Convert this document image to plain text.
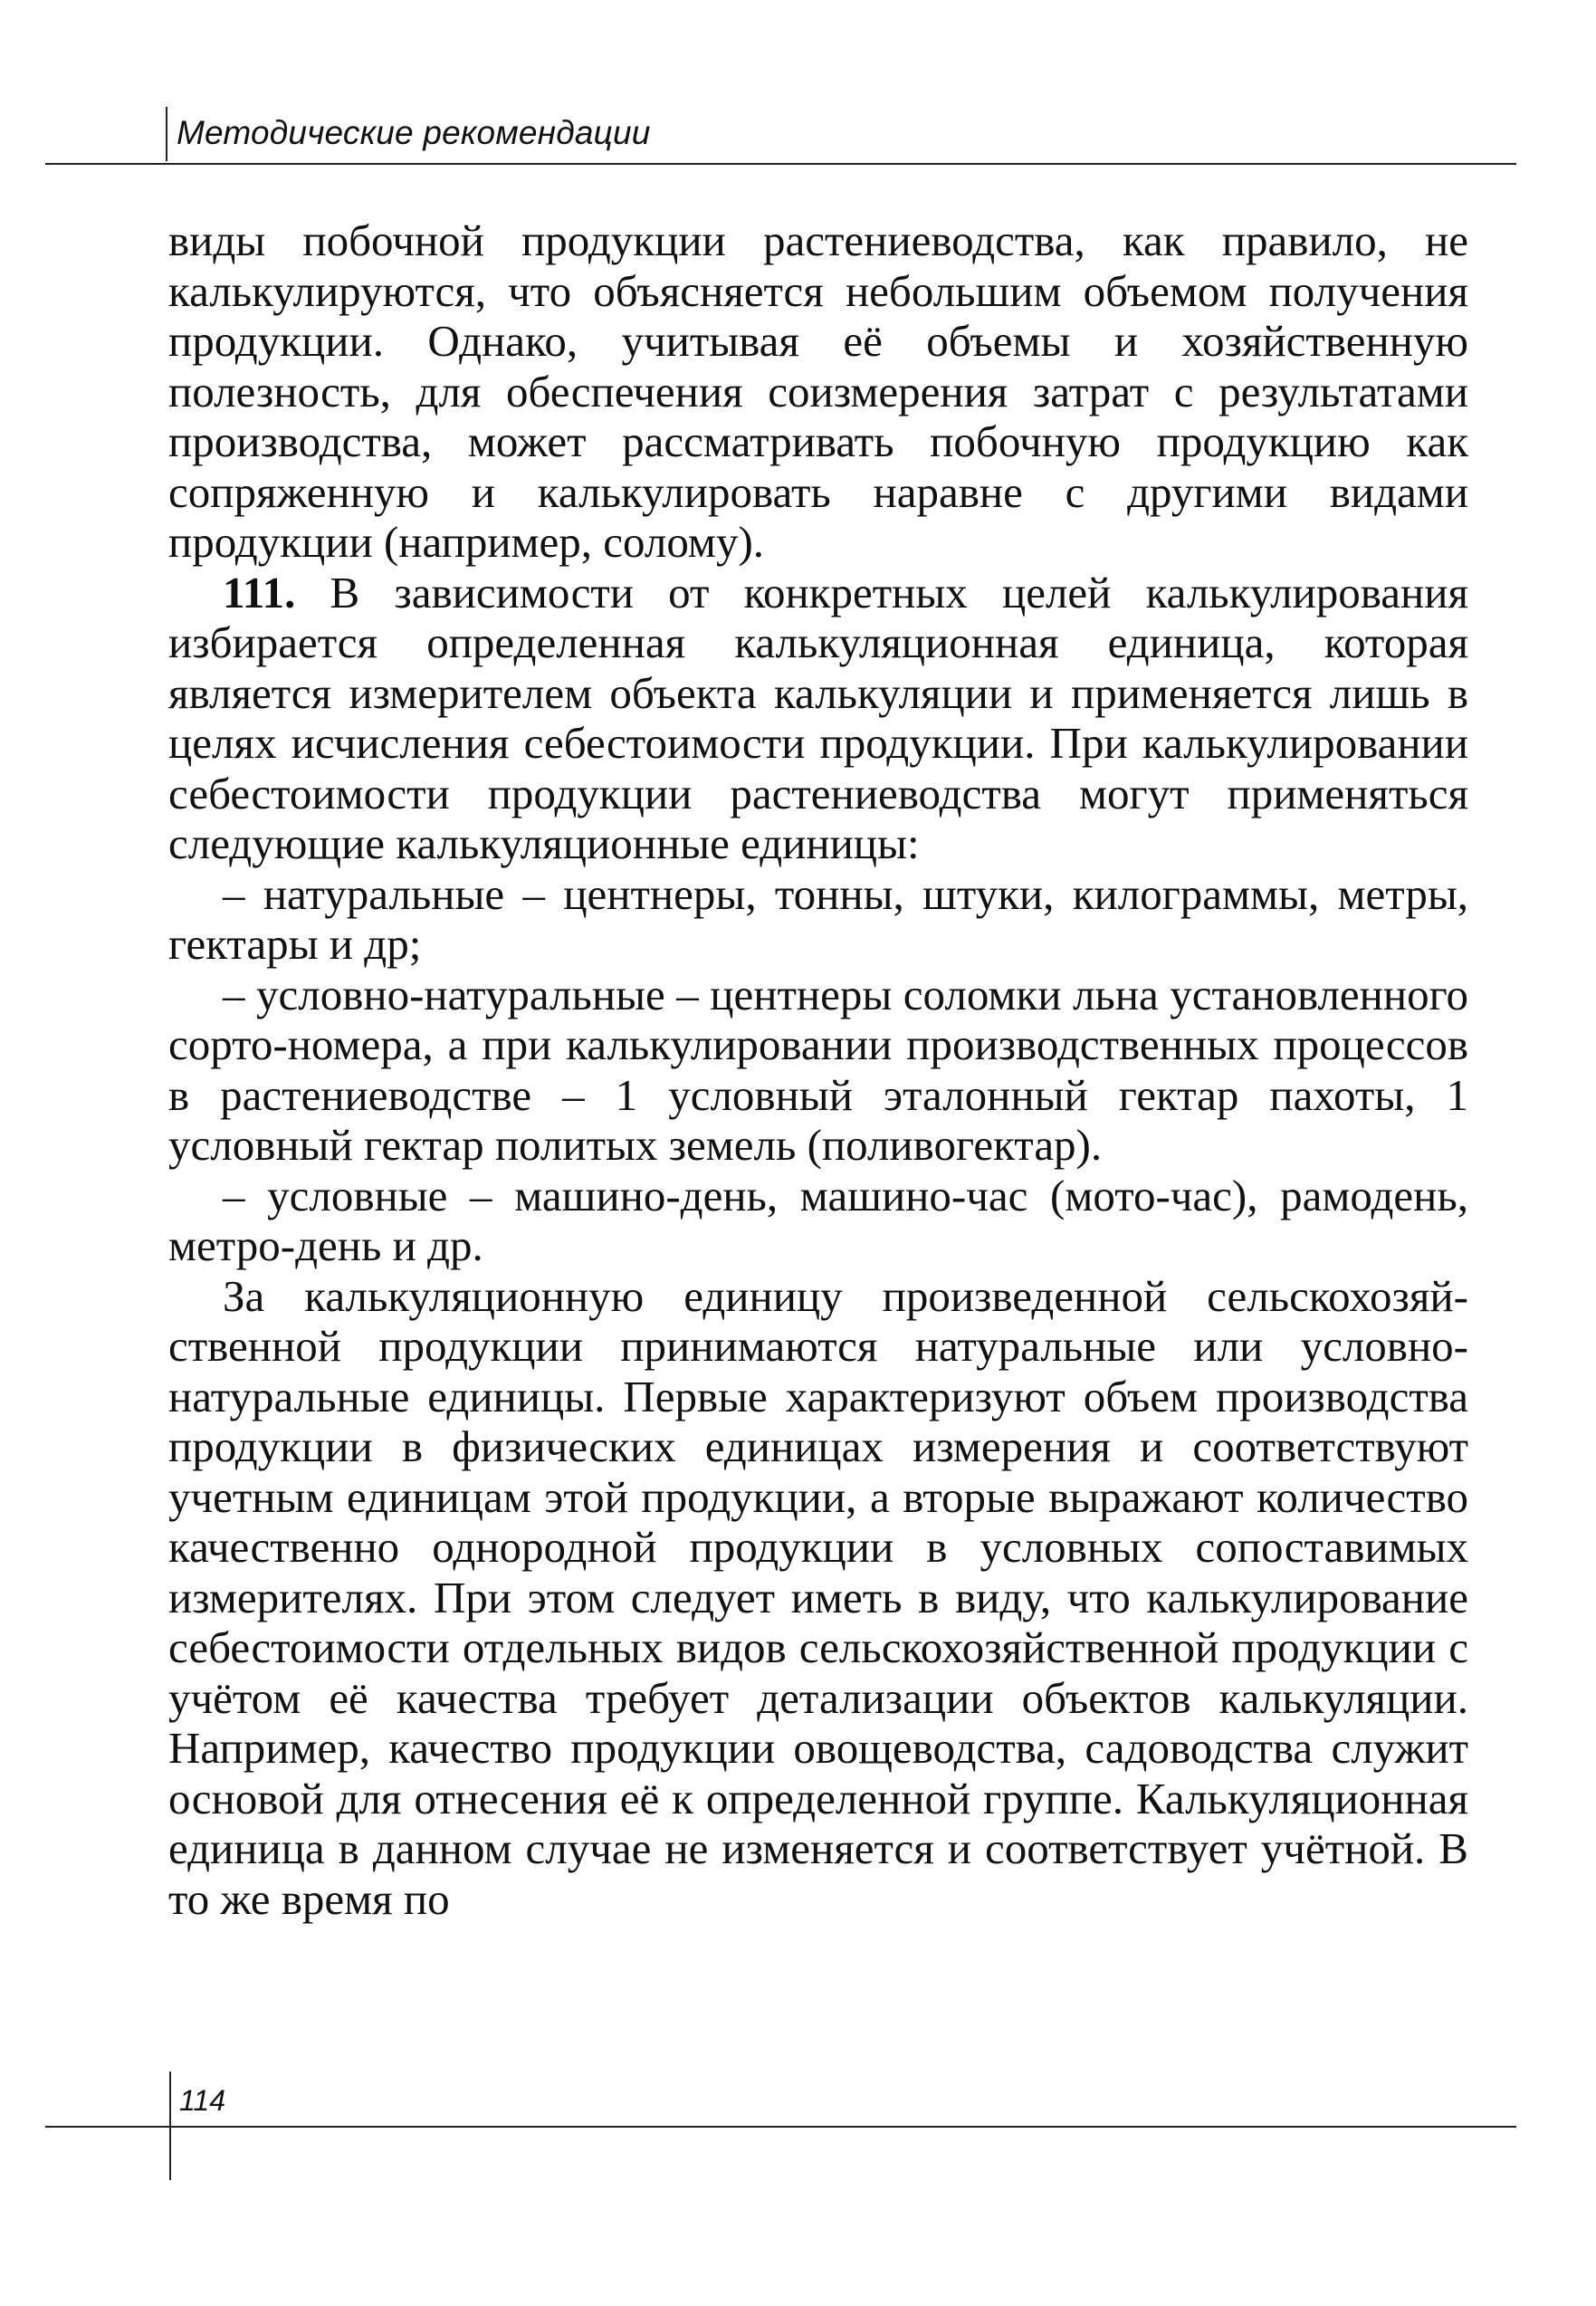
Методические рекомендации

виды побочной продукции растениеводства, как правило, не калькулируются, что объясняется небольшим объемом получения продукции. Однако, учитывая её объемы и хозяйственную полезность, для обеспечения соизмерения затрат с результатами производства, может рассматривать побочную продукцию как сопряженную и калькулировать наравне с другими видами продукции (например, солому).

111. В зависимости от конкретных целей калькулирования избирается определенная калькуляционная единица, которая является измерителем объекта калькуляции и применяется лишь в целях исчисления себестоимости продукции. При калькулировании себестоимости продукции растениеводства могут применяться следующие калькуляционные единицы:

– натуральные – центнеры, тонны, штуки, килограммы, метры, гектары и др;

– условно-натуральные – центнеры соломки льна установленного сорто-номера, а при калькулировании производственных процессов в растениеводстве – 1 условный эталонный гектар пахоты, 1 условный гектар политых земель (поливогектар).

– условные – машино-день, машино-час (мото-час), рамодень, метро-день и др.

За калькуляционную единицу произведенной сельскохозяйственной продукции принимаются натуральные или условно-натуральные единицы. Первые характеризуют объем производства продукции в физических единицах измерения и соответствуют учетным единицам этой продукции, а вторые выражают количество качественно однородной продукции в условных сопоставимых измерителях. При этом следует иметь в виду, что калькулирование себестоимости отдельных видов сельскохозяйственной продукции с учётом её качества требует детализации объектов калькуляции. Например, качество продукции овощеводства, садоводства служит основой для отнесения её к определенной группе. Калькуляционная единица в данном случае не изменяется и соответствует учётной. В то же время по

114
